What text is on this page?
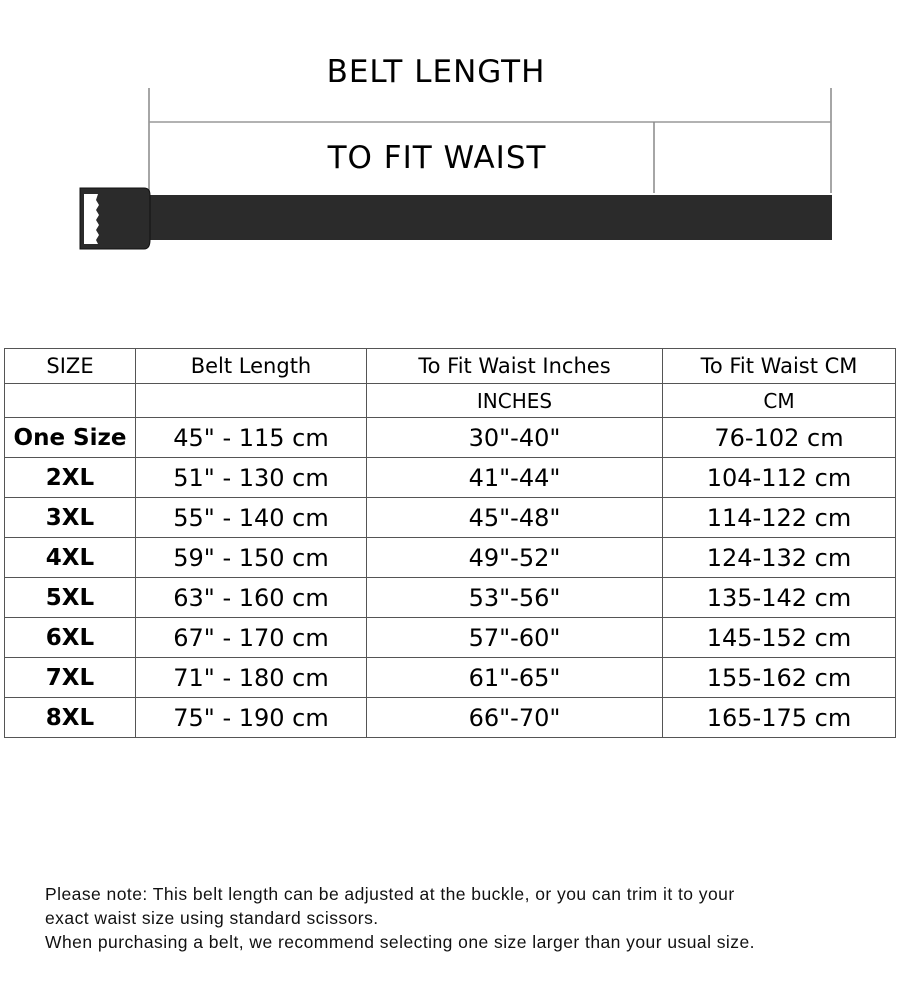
BELT LENGTH
TO FIT WAIST
SIZE	Belt Length	To Fit Waist Inches	To Fit Waist CM
		INCHES	CM
One Size	45" - 115 cm	30"-40"	76-102 cm
2XL	51" - 130 cm	41"-44"	104-112 cm
3XL	55" - 140 cm	45"-48"	114-122 cm
4XL	59" - 150 cm	49"-52"	124-132 cm
5XL	63" - 160 cm	53"-56"	135-142 cm
6XL	67" - 170 cm	57"-60"	145-152 cm
7XL	71" - 180 cm	61"-65"	155-162 cm
8XL	75" - 190 cm	66"-70"	165-175 cm

Please note: This belt length can be adjusted at the buckle, or you can trim it to your

exact waist size using standard scissors.

When purchasing a belt, we recommend selecting one size larger than your usual size.
